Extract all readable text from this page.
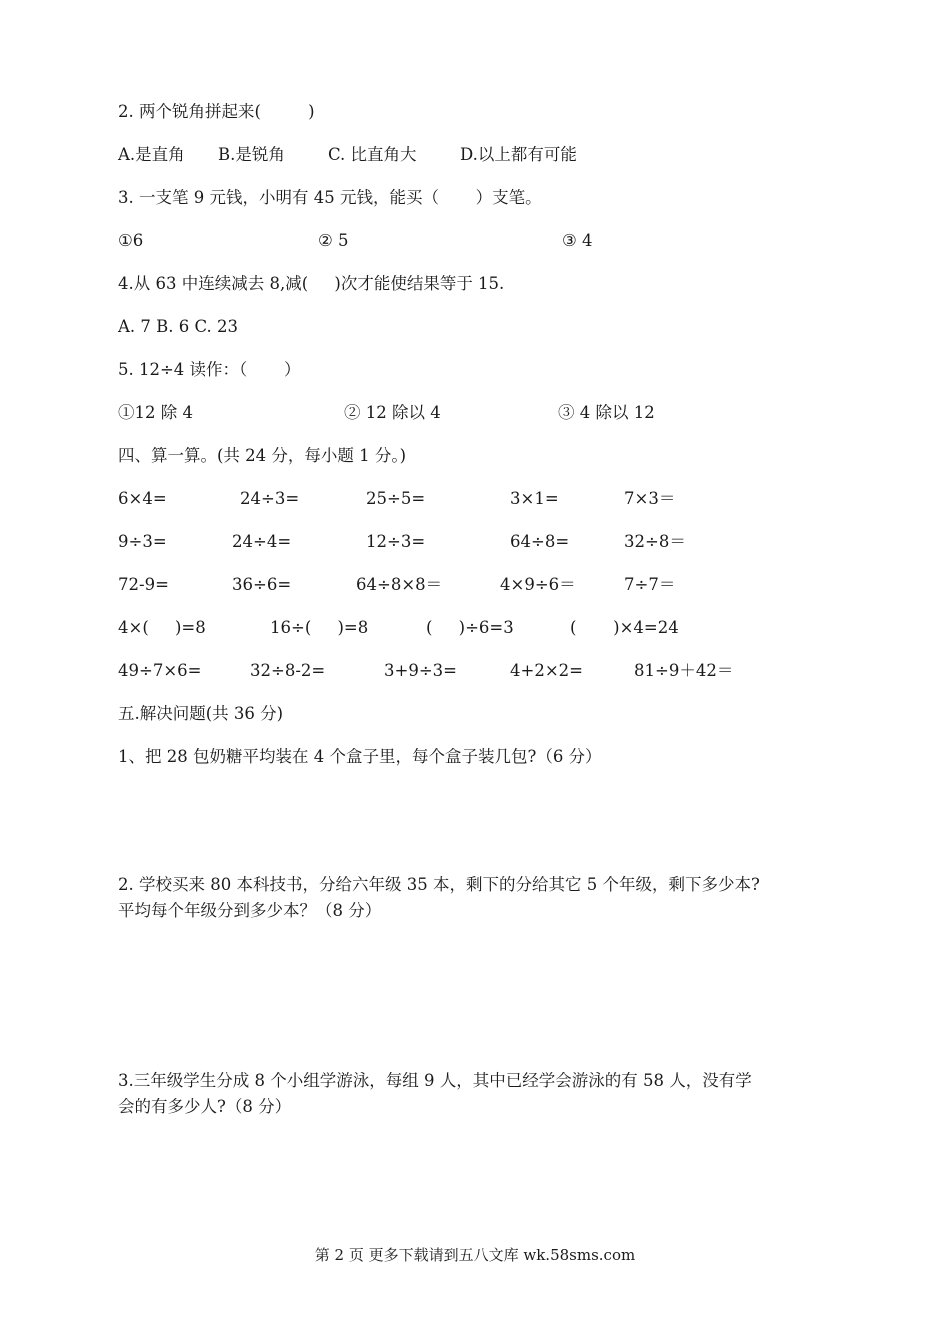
2. 两个锐角拼起来(         )
A.是直角 B.是锐角	C. 比直角大	D.以上都有可能
3. 一支笔 9 元钱，小明有 45 元钱，能买（       ）支笔。
①6	② 5	③ 4
4.从 63 中连续减去 8,减(     )次才能使结果等于 15.
A. 7 B. 6 C. 23
5. 12÷4 读作：（       ）
①12 除 4	② 12 除以 4	③ 4 除以 12
四、算一算。(共 24 分，每小题 1 分。)
6×4=	24÷3=	25÷5=	3×1=	7×3＝
9÷3=	24÷4=	12÷3=	64÷8=	32÷8＝
72-9=	36÷6=	64÷8×8＝	4×9÷6＝	7÷7＝
4×(     )=8	16÷(     )=8	(     )÷6=3	(       )×4=24
49÷7×6=	32÷8-2=	3+9÷3=	4+2×2=	81÷9＋42＝
五.解决问题(共 36 分)
1、把 28 包奶糖平均装在 4 个盒子里，每个盒子装几包?（6 分）
2. 学校买来 80 本科技书，分给六年级 35 本，剩下的分给其它 5 个年级，剩下多少本?
平均每个年级分到多少本？（8 分）
3.三年级学生分成 8 个小组学游泳，每组 9 人，其中已经学会游泳的有 58 人，没有学
会的有多少人?（8 分）
第 2 页 更多下载请到五八文库 wk.58sms.com
